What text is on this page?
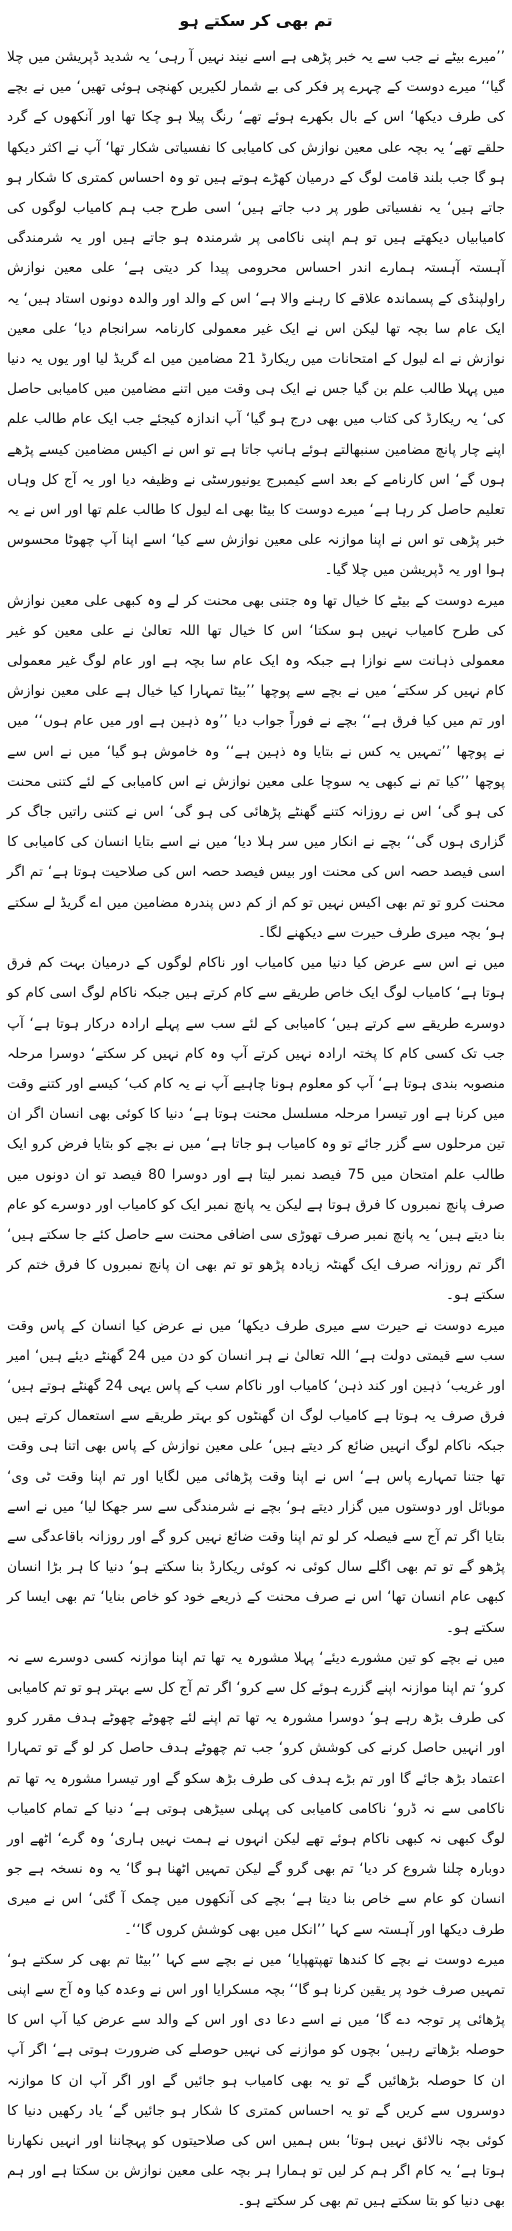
تم بھی کر سکتے ہو

’’میرے بیٹے نے جب سے یہ خبر پڑھی ہے اسے نیند نہیں آ رہی‘ یہ شدید ڈپریشن میں چلا گیا‘‘ میرے دوست کے چہرے پر فکر کی بے شمار لکیریں کھنچی ہوئی تھیں‘ میں نے بچے کی طرف دیکھا‘ اس کے بال بکھرے ہوئے تھے‘ رنگ پیلا ہو چکا تھا اور آنکھوں کے گرد حلقے تھے‘ یہ بچہ علی معین نوازش کی کامیابی کا نفسیاتی شکار تھا‘ آپ نے اکثر دیکھا ہو گا جب بلند قامت لوگ کے درمیان کھڑے ہوتے ہیں تو وہ احساس کمتری کا شکار ہو جاتے ہیں‘ یہ نفسیاتی طور پر دب جاتے ہیں‘ اسی طرح جب ہم کامیاب لوگوں کی کامیابیاں دیکھتے ہیں تو ہم اپنی ناکامی پر شرمندہ ہو جاتے ہیں اور یہ شرمندگی آہستہ آہستہ ہمارے اندر احساس محرومی پیدا کر دیتی ہے‘ علی معین نوازش راولپنڈی کے پسماندہ علاقے کا رہنے والا ہے‘ اس کے والد اور والدہ دونوں استاد ہیں‘ یہ ایک عام سا بچہ تھا لیکن اس نے ایک غیر معمولی کارنامہ سرانجام دیا‘ علی معین نوازش نے اے لیول کے امتحانات میں ریکارڈ 21 مضامین میں اے گریڈ لیا اور یوں یہ دنیا میں پہلا طالب علم بن گیا جس نے ایک ہی وقت میں اتنے مضامین میں کامیابی حاصل کی‘ یہ ریکارڈ کی کتاب میں بھی درج ہو گیا‘ آپ اندازہ کیجئے جب ایک عام طالب علم اپنے چار پانچ مضامین سنبھالتے ہوئے ہانپ جاتا ہے تو اس نے اکیس مضامین کیسے پڑھے ہوں گے‘ اس کارنامے کے بعد اسے کیمبرج یونیورسٹی نے وظیفہ دیا اور یہ آج کل وہاں تعلیم حاصل کر رہا ہے‘ میرے دوست کا بیٹا بھی اے لیول کا طالب علم تھا اور اس نے یہ خبر پڑھی تو اس نے اپنا موازنہ علی معین نوازش سے کیا‘ اسے اپنا آپ چھوٹا محسوس ہوا اور یہ ڈپریشن میں چلا گیا۔

میرے دوست کے بیٹے کا خیال تھا وہ جتنی بھی محنت کر لے وہ کبھی علی معین نوازش کی طرح کامیاب نہیں ہو سکتا‘ اس کا خیال تھا اللہ تعالیٰ نے علی معین کو غیر معمولی ذہانت سے نوازا ہے جبکہ وہ ایک عام سا بچہ ہے اور عام لوگ غیر معمولی کام نہیں کر سکتے‘ میں نے بچے سے پوچھا ’’بیٹا تمہارا کیا خیال ہے علی معین نوازش اور تم میں کیا فرق ہے‘‘ بچے نے فوراً جواب دیا ’’وہ ذہین ہے اور میں عام ہوں‘‘ میں نے پوچھا ’’تمہیں یہ کس نے بتایا وہ ذہین ہے‘‘ وہ خاموش ہو گیا‘ میں نے اس سے پوچھا ’’کیا تم نے کبھی یہ سوچا علی معین نوازش نے اس کامیابی کے لئے کتنی محنت کی ہو گی‘ اس نے روزانہ کتنے گھنٹے پڑھائی کی ہو گی‘ اس نے کتنی راتیں جاگ کر گزاری ہوں گی‘‘ بچے نے انکار میں سر ہلا دیا‘ میں نے اسے بتایا انسان کی کامیابی کا اسی فیصد حصہ اس کی محنت اور بیس فیصد حصہ اس کی صلاحیت ہوتا ہے‘ تم اگر محنت کرو تو تم بھی اکیس نہیں تو کم از کم دس پندرہ مضامین میں اے گریڈ لے سکتے ہو‘ بچہ میری طرف حیرت سے دیکھنے لگا۔

میں نے اس سے عرض کیا دنیا میں کامیاب اور ناکام لوگوں کے درمیان بہت کم فرق ہوتا ہے‘ کامیاب لوگ ایک خاص طریقے سے کام کرتے ہیں جبکہ ناکام لوگ اسی کام کو دوسرے طریقے سے کرتے ہیں‘ کامیابی کے لئے سب سے پہلے ارادہ درکار ہوتا ہے‘ آپ جب تک کسی کام کا پختہ ارادہ نہیں کرتے آپ وہ کام نہیں کر سکتے‘ دوسرا مرحلہ منصوبہ بندی ہوتا ہے‘ آپ کو معلوم ہونا چاہیے آپ نے یہ کام کب‘ کیسے اور کتنے وقت میں کرنا ہے اور تیسرا مرحلہ مسلسل محنت ہوتا ہے‘ دنیا کا کوئی بھی انسان اگر ان تین مرحلوں سے گزر جائے تو وہ کامیاب ہو جاتا ہے‘ میں نے بچے کو بتایا فرض کرو ایک طالب علم امتحان میں 75 فیصد نمبر لیتا ہے اور دوسرا 80 فیصد تو ان دونوں میں صرف پانچ نمبروں کا فرق ہوتا ہے لیکن یہ پانچ نمبر ایک کو کامیاب اور دوسرے کو عام بنا دیتے ہیں‘ یہ پانچ نمبر صرف تھوڑی سی اضافی محنت سے حاصل کئے جا سکتے ہیں‘ اگر تم روزانہ صرف ایک گھنٹہ زیادہ پڑھو تو تم بھی ان پانچ نمبروں کا فرق ختم کر سکتے ہو۔

میرے دوست نے حیرت سے میری طرف دیکھا‘ میں نے عرض کیا انسان کے پاس وقت سب سے قیمتی دولت ہے‘ اللہ تعالیٰ نے ہر انسان کو دن میں 24 گھنٹے دیئے ہیں‘ امیر اور غریب‘ ذہین اور کند ذہن‘ کامیاب اور ناکام سب کے پاس یہی 24 گھنٹے ہوتے ہیں‘ فرق صرف یہ ہوتا ہے کامیاب لوگ ان گھنٹوں کو بہتر طریقے سے استعمال کرتے ہیں جبکہ ناکام لوگ انہیں ضائع کر دیتے ہیں‘ علی معین نوازش کے پاس بھی اتنا ہی وقت تھا جتنا تمہارے پاس ہے‘ اس نے اپنا وقت پڑھائی میں لگایا اور تم اپنا وقت ٹی وی‘ موبائل اور دوستوں میں گزار دیتے ہو‘ بچے نے شرمندگی سے سر جھکا لیا‘ میں نے اسے بتایا اگر تم آج سے فیصلہ کر لو تم اپنا وقت ضائع نہیں کرو گے اور روزانہ باقاعدگی سے پڑھو گے تو تم بھی اگلے سال کوئی نہ کوئی ریکارڈ بنا سکتے ہو‘ دنیا کا ہر بڑا انسان کبھی عام انسان تھا‘ اس نے صرف محنت کے ذریعے خود کو خاص بنایا‘ تم بھی ایسا کر سکتے ہو۔

میں نے بچے کو تین مشورے دیئے‘ پہلا مشورہ یہ تھا تم اپنا موازنہ کسی دوسرے سے نہ کرو‘ تم اپنا موازنہ اپنے گزرے ہوئے کل سے کرو‘ اگر تم آج کل سے بہتر ہو تو تم کامیابی کی طرف بڑھ رہے ہو‘ دوسرا مشورہ یہ تھا تم اپنے لئے چھوٹے چھوٹے ہدف مقرر کرو اور انہیں حاصل کرنے کی کوشش کرو‘ جب تم چھوٹے ہدف حاصل کر لو گے تو تمہارا اعتماد بڑھ جائے گا اور تم بڑے ہدف کی طرف بڑھ سکو گے اور تیسرا مشورہ یہ تھا تم ناکامی سے نہ ڈرو‘ ناکامی کامیابی کی پہلی سیڑھی ہوتی ہے‘ دنیا کے تمام کامیاب لوگ کبھی نہ کبھی ناکام ہوئے تھے لیکن انہوں نے ہمت نہیں ہاری‘ وہ گرے‘ اٹھے اور دوبارہ چلنا شروع کر دیا‘ تم بھی گرو گے لیکن تمہیں اٹھنا ہو گا‘ یہ وہ نسخہ ہے جو انسان کو عام سے خاص بنا دیتا ہے‘ بچے کی آنکھوں میں چمک آ گئی‘ اس نے میری طرف دیکھا اور آہستہ سے کہا ’’انکل میں بھی کوشش کروں گا‘‘۔

میرے دوست نے بچے کا کندھا تھپتھپایا‘ میں نے بچے سے کہا ’’بیٹا تم بھی کر سکتے ہو‘ تمہیں صرف خود پر یقین کرنا ہو گا‘‘ بچہ مسکرایا اور اس نے وعدہ کیا وہ آج سے اپنی پڑھائی پر توجہ دے گا‘ میں نے اسے دعا دی اور اس کے والد سے عرض کیا آپ اس کا حوصلہ بڑھاتے رہیں‘ بچوں کو موازنے کی نہیں حوصلے کی ضرورت ہوتی ہے‘ اگر آپ ان کا حوصلہ بڑھائیں گے تو یہ بھی کامیاب ہو جائیں گے اور اگر آپ ان کا موازنہ دوسروں سے کریں گے تو یہ احساس کمتری کا شکار ہو جائیں گے‘ یاد رکھیں دنیا کا کوئی بچہ نالائق نہیں ہوتا‘ بس ہمیں اس کی صلاحیتوں کو پہچاننا اور انہیں نکھارنا ہوتا ہے‘ یہ کام اگر ہم کر لیں تو ہمارا ہر بچہ علی معین نوازش بن سکتا ہے اور ہم بھی دنیا کو بتا سکتے ہیں تم بھی کر سکتے ہو۔
